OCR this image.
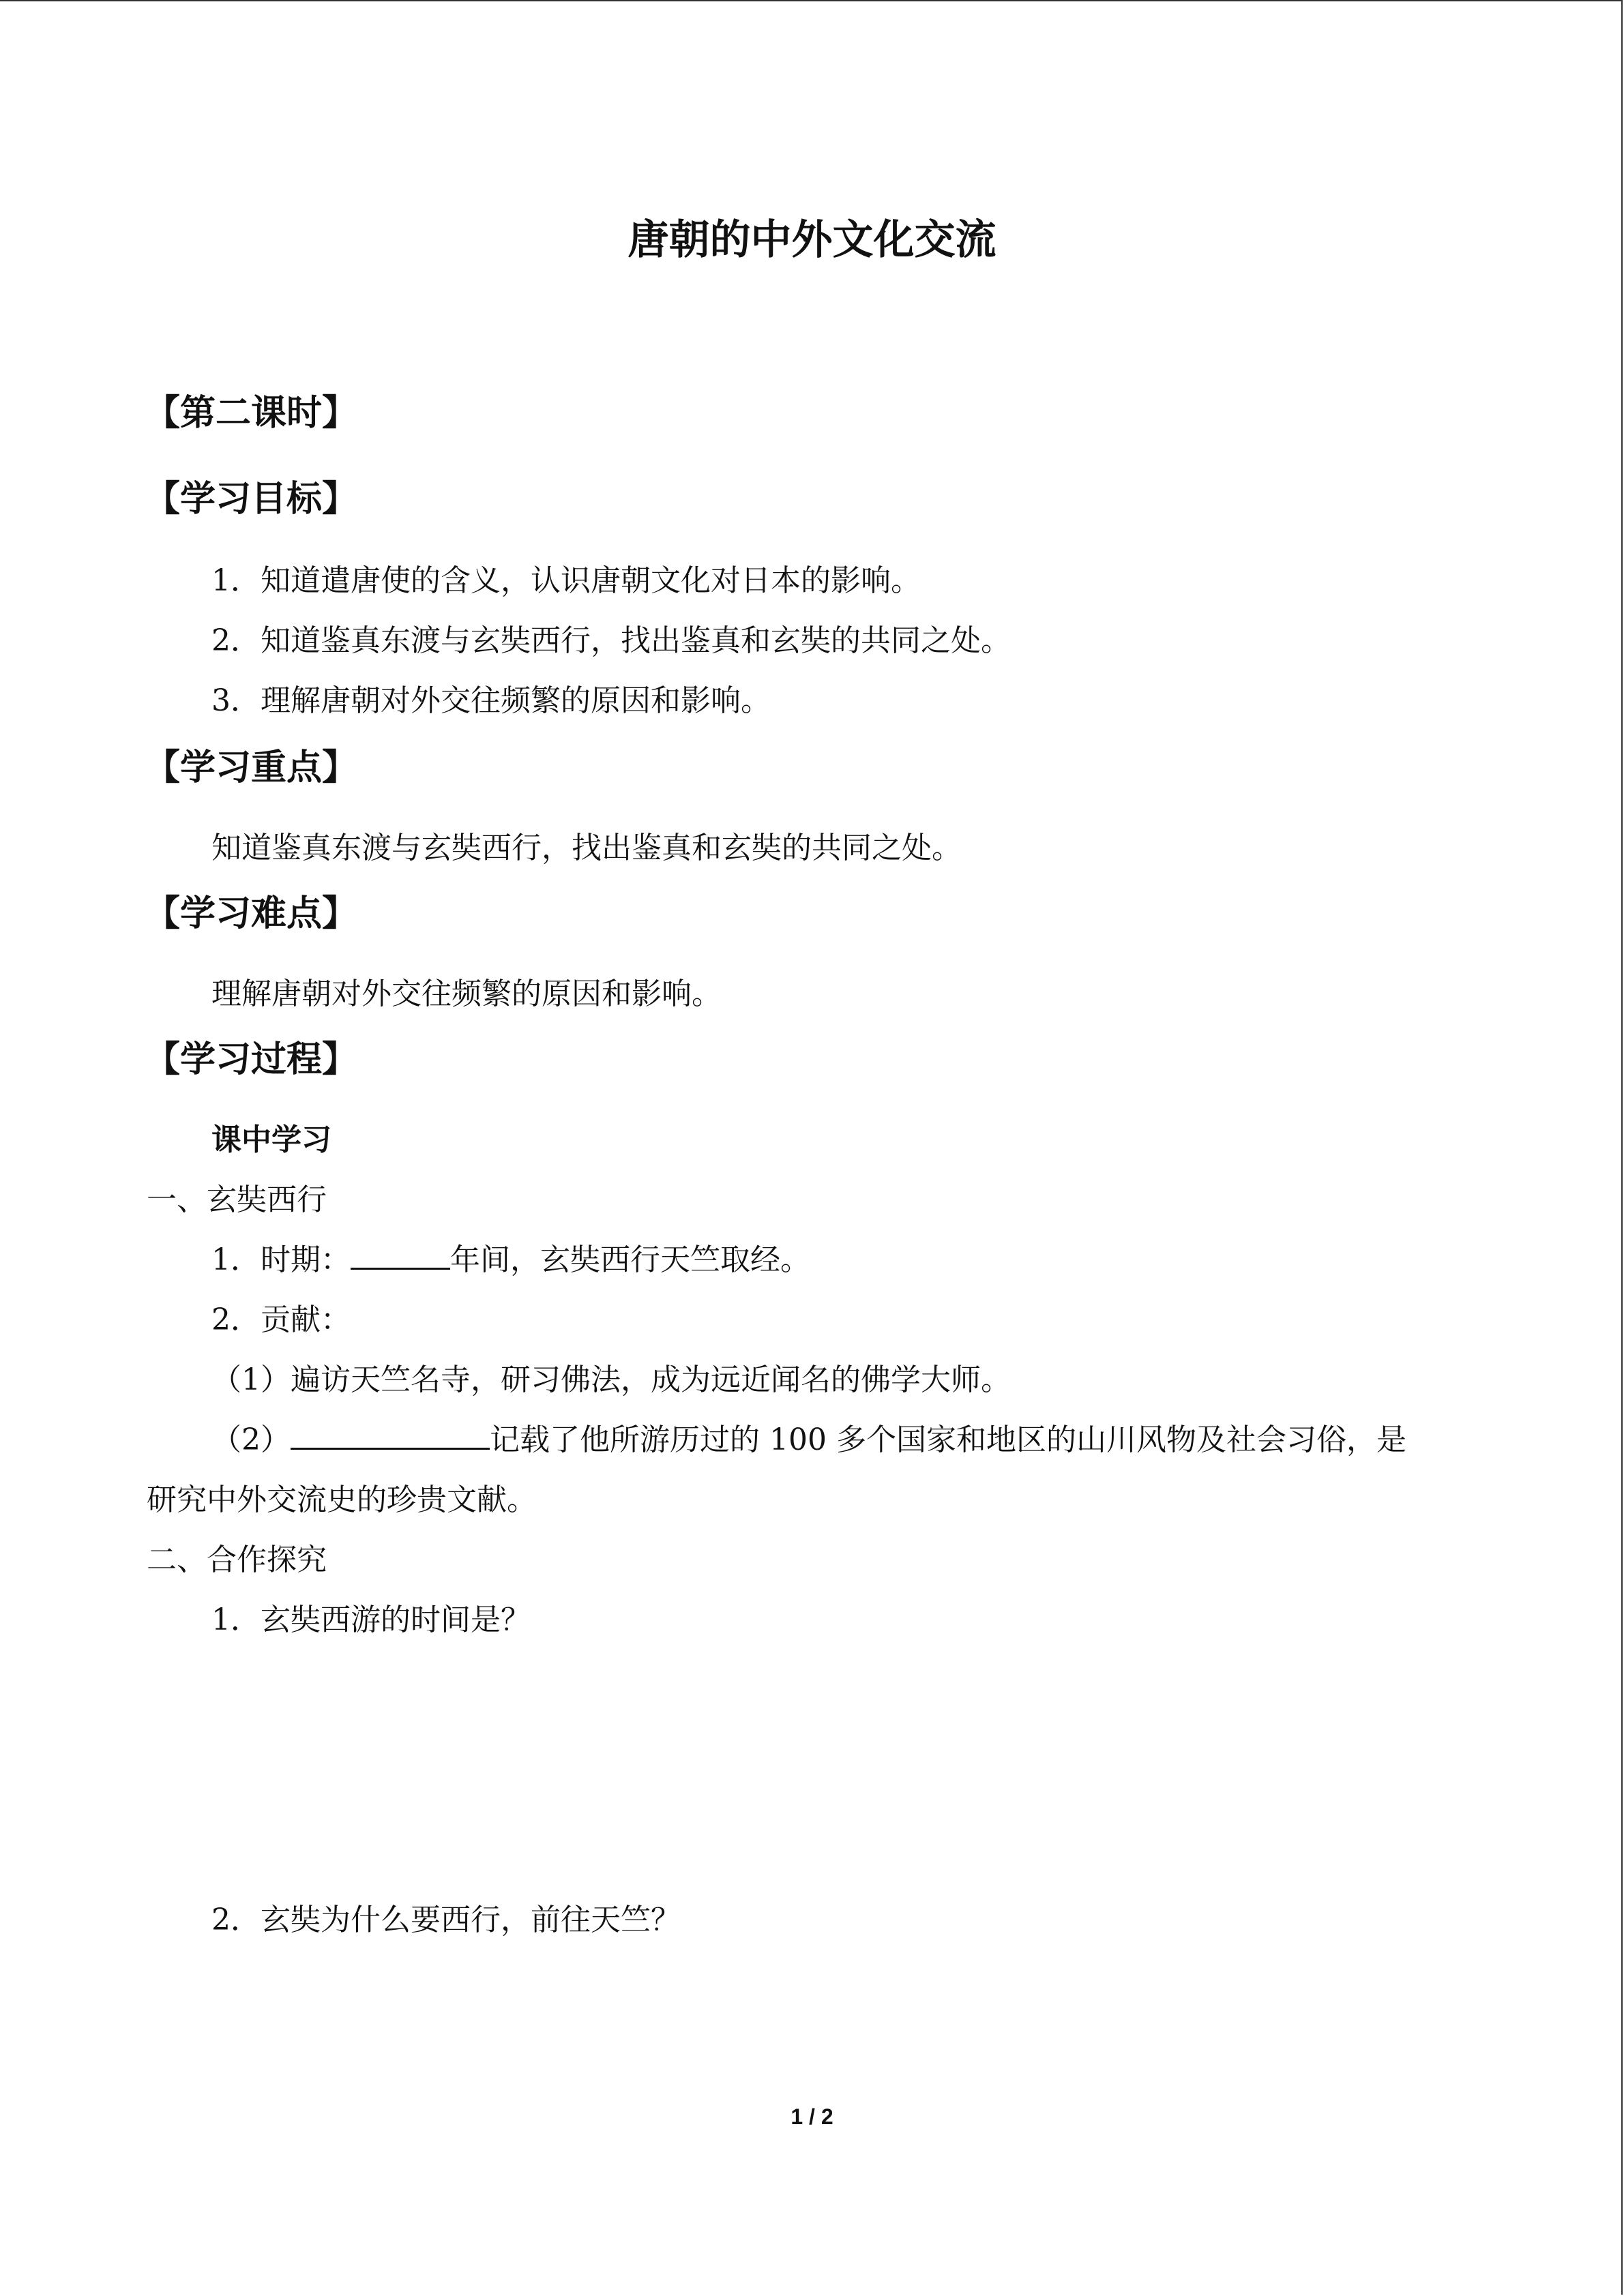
唐朝的中外文化交流
【第二课时】
【学习目标】
1．知道遣唐使的含义，认识唐朝文化对日本的影响。
2．知道鉴真东渡与玄奘西行，找出鉴真和玄奘的共同之处。
3．理解唐朝对外交往频繁的原因和影响。
【学习重点】
知道鉴真东渡与玄奘西行，找出鉴真和玄奘的共同之处。
【学习难点】
理解唐朝对外交往频繁的原因和影响。
【学习过程】
课中学习
一、玄奘西行
1．时期：	年间，玄奘西行天竺取经。
2．贡献：
（1）遍访天竺名寺，研习佛法，成为远近闻名的佛学大师。
（2）	记载了他所游历过的 100 多个国家和地区的山川风物及社会习俗，是
研究中外交流史的珍贵文献。
二、合作探究
1．玄奘西游的时间是？
2．玄奘为什么要西行，前往天竺？
1 / 2
